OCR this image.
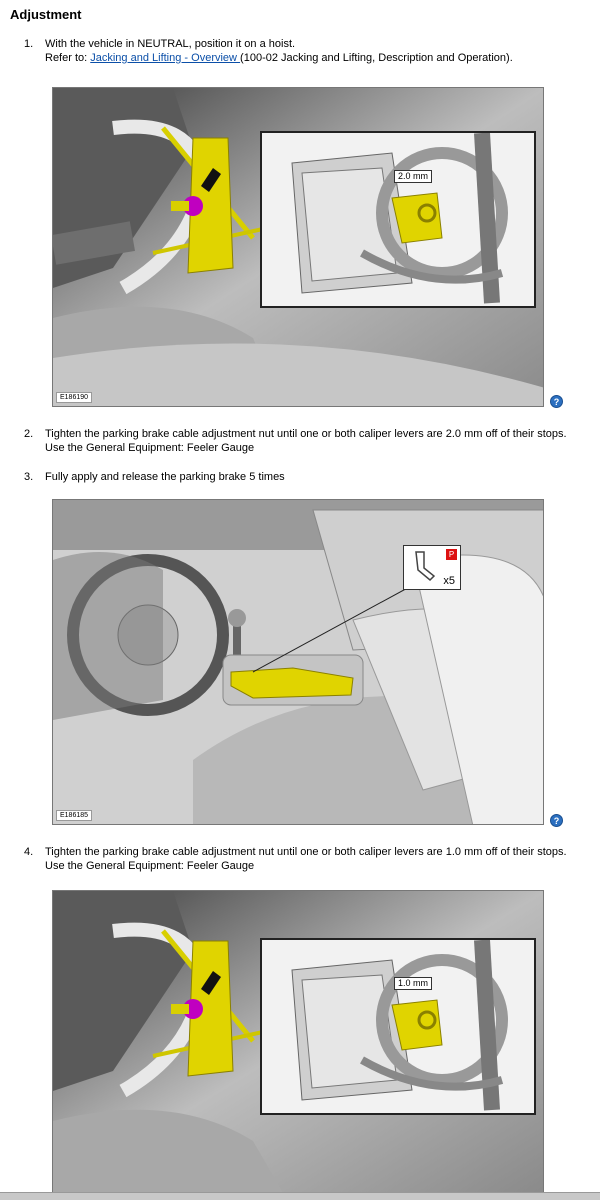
Adjustment
1. With the vehicle in NEUTRAL, position it on a hoist.
Refer to: Jacking and Lifting - Overview (100-02 Jacking and Lifting, Description and Operation).
2.0 mm
E186190	?
2. Tighten the parking brake cable adjustment nut until one or both caliper levers are 2.0 mm off of their stops.
Use the General Equipment: Feeler Gauge
3. Fully apply and release the parking brake 5 times
P
x5
E186185
?
4. Tighten the parking brake cable adjustment nut until one or both caliper levers are 1.0 mm off of their stops.
Use the General Equipment: Feeler Gauge
1.0 mm
